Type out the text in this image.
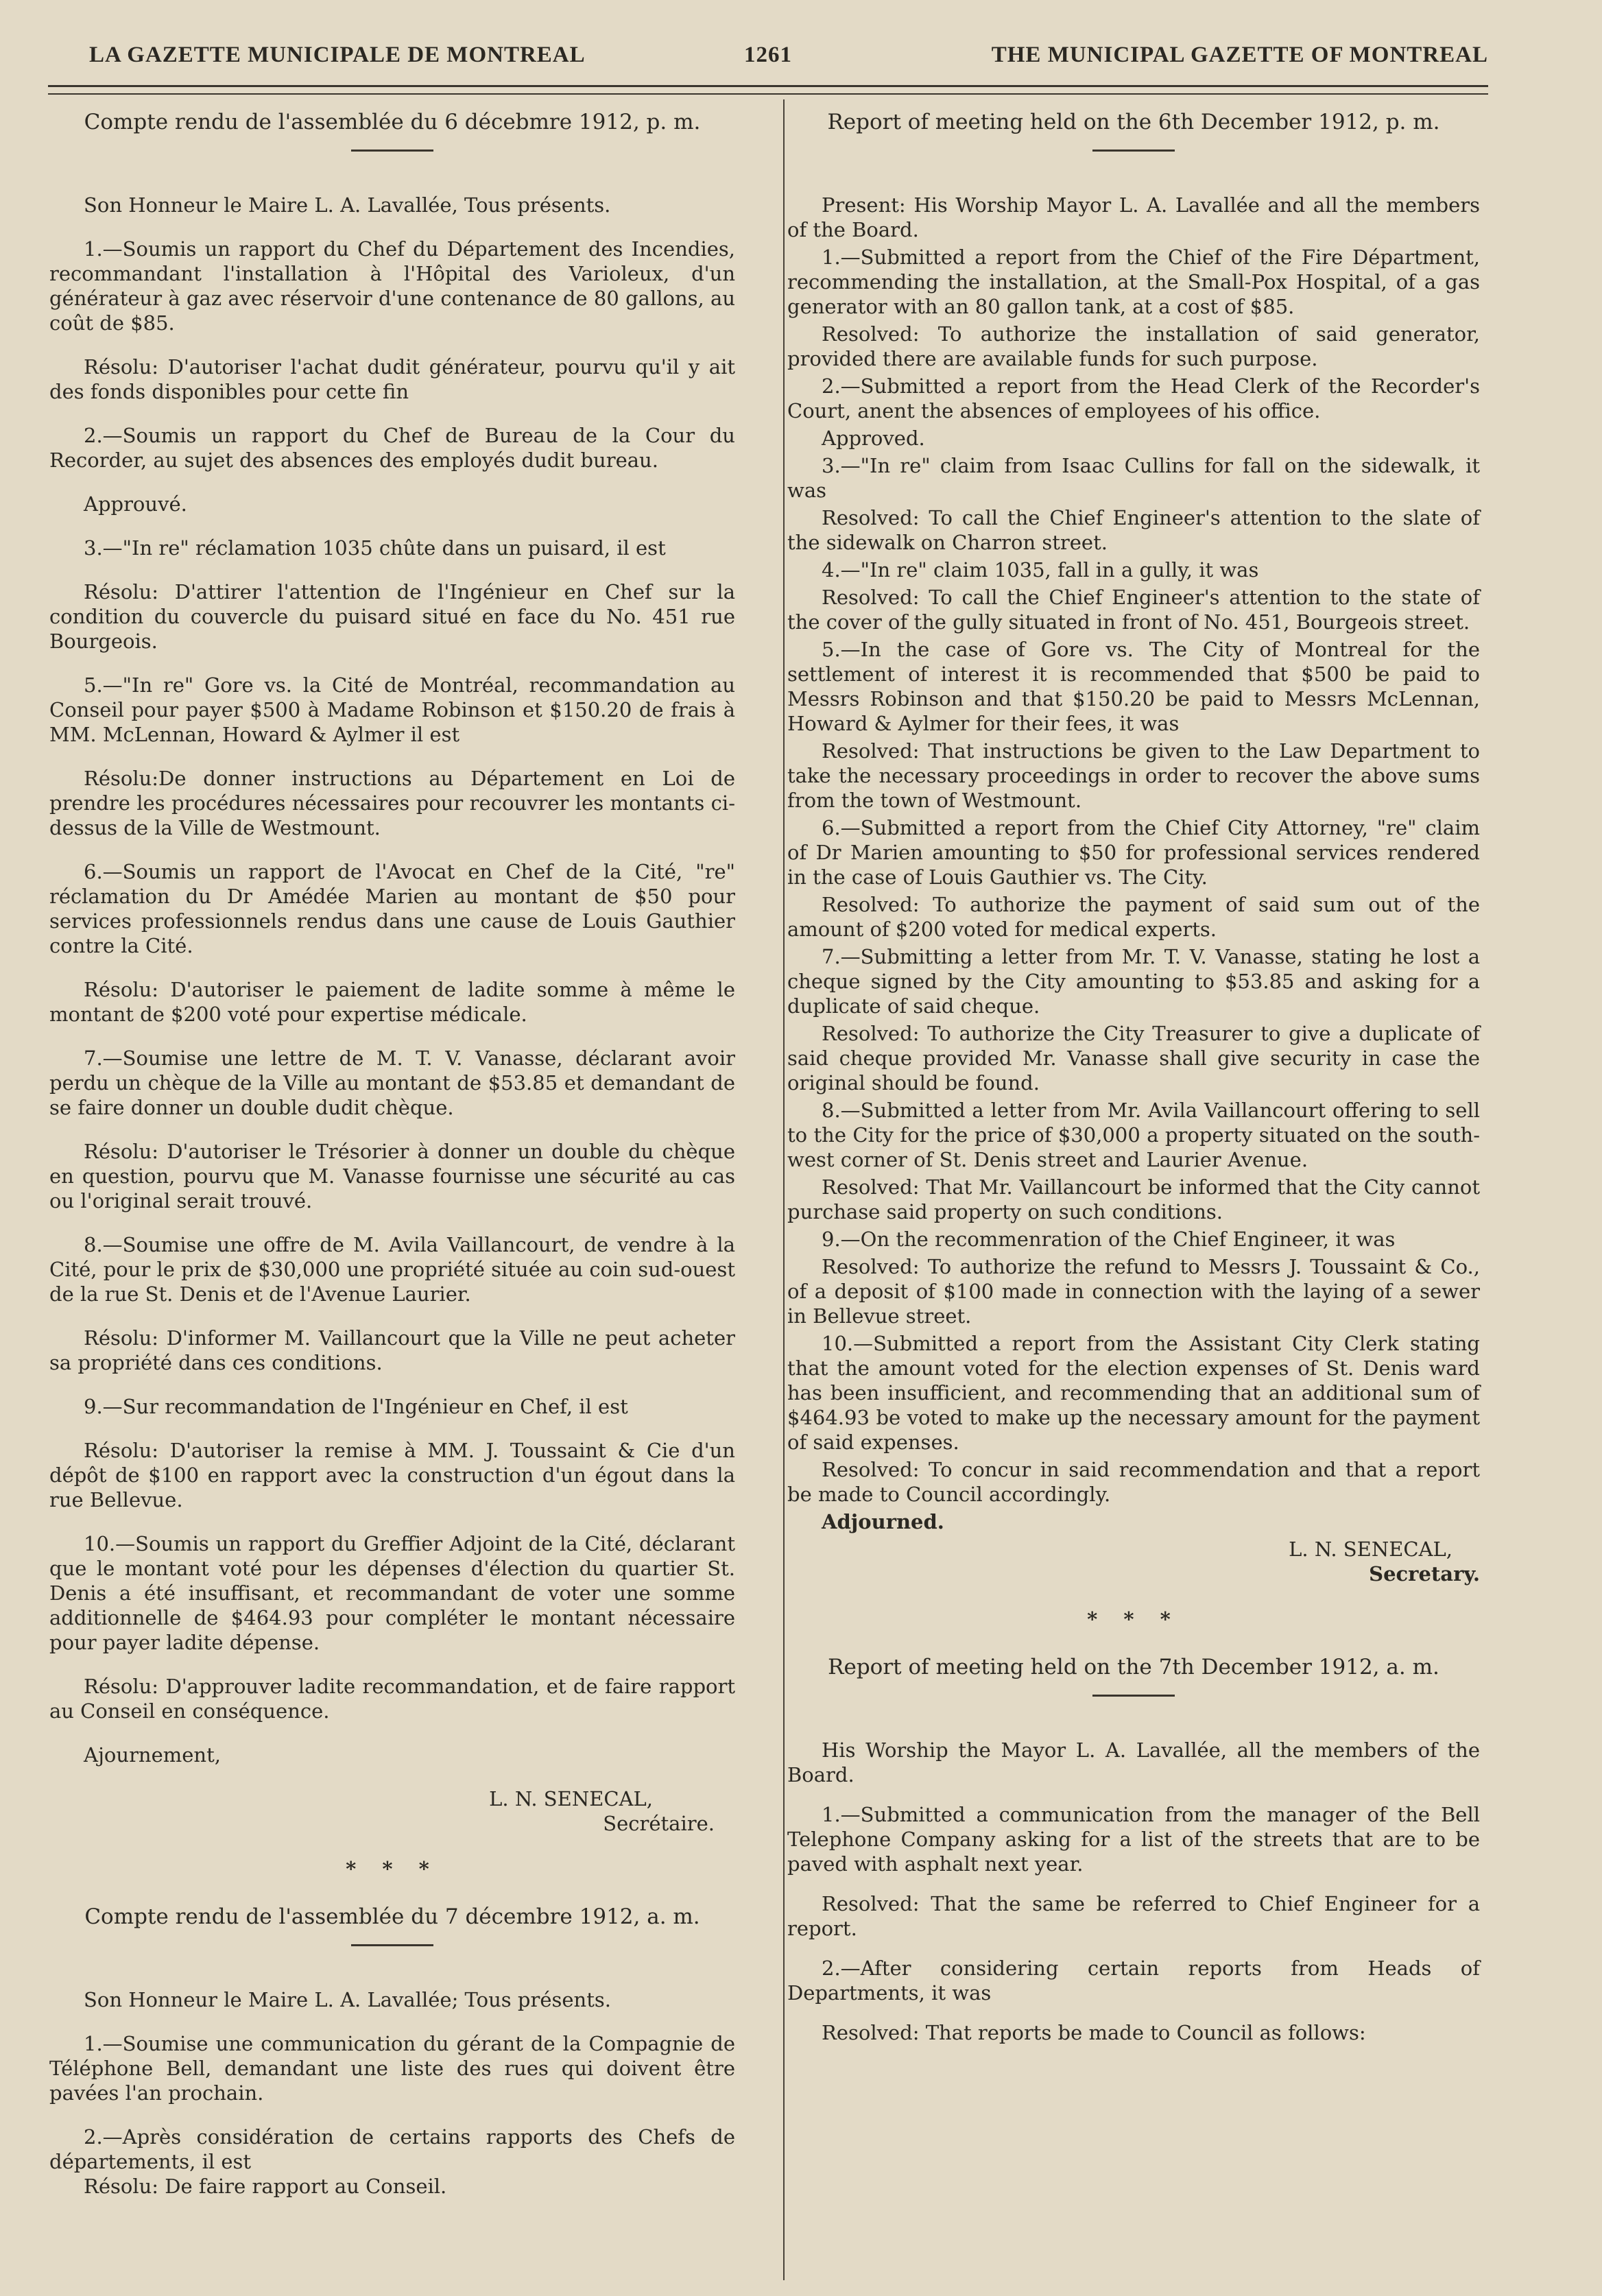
LA GAZETTE MUNICIPALE DE MONTREAL	1261	THE MUNICIPAL GAZETTE OF MONTREAL

Compte rendu de l'assemblée du 6 décebmre 1912, p. m.

Son Honneur le Maire L. A. Lavallée, Tous présents.

1.—Soumis un rapport du Chef du Département des Incendies, recommandant l'installation à l'Hôpital des Varioleux, d'un générateur à gaz avec réservoir d'une contenance de 80 gallons, au coût de $85.

Résolu: D'autoriser l'achat dudit générateur, pourvu qu'il y ait des fonds disponibles pour cette fin

2.—Soumis un rapport du Chef de Bureau de la Cour du Recorder, au sujet des absences des employés dudit bureau.

Approuvé.

3.—"In re" réclamation 1035 chûte dans un puisard, il est

Résolu: D'attirer l'attention de l'Ingénieur en Chef sur la condition du couvercle du puisard situé en face du No. 451 rue Bourgeois.

5.—"In re" Gore vs. la Cité de Montréal, recommandation au Conseil pour payer $500 à Madame Robinson et $150.20 de frais à MM. McLennan, Howard & Aylmer il est

Résolu:De donner instructions au Département en Loi de prendre les procédures nécessaires pour recouvrer les montants ci-dessus de la Ville de Westmount.

6.—Soumis un rapport de l'Avocat en Chef de la Cité, "re" réclamation du Dr Amédée Marien au montant de $50 pour services professionnels rendus dans une cause de Louis Gauthier contre la Cité.

Résolu: D'autoriser le paiement de ladite somme à même le montant de $200 voté pour expertise médicale.

7.—Soumise une lettre de M. T. V. Vanasse, déclarant avoir perdu un chèque de la Ville au montant de $53.85 et demandant de se faire donner un double dudit chèque.

Résolu: D'autoriser le Trésorier à donner un double du chèque en question, pourvu que M. Vanasse fournisse une sécurité au cas ou l'original serait trouvé.

8.—Soumise une offre de M. Avila Vaillancourt, de vendre à la Cité, pour le prix de $30,000 une propriété située au coin sud-ouest de la rue St. Denis et de l'Avenue Laurier.

Résolu: D'informer M. Vaillancourt que la Ville ne peut acheter sa propriété dans ces conditions.

9.—Sur recommandation de l'Ingénieur en Chef, il est

Résolu: D'autoriser la remise à MM. J. Toussaint & Cie d'un dépôt de $100 en rapport avec la construction d'un égout dans la rue Bellevue.

10.—Soumis un rapport du Greffier Adjoint de la Cité, déclarant que le montant voté pour les dépenses d'élection du quartier St. Denis a été insuffisant, et recommandant de voter une somme additionnelle de $464.93 pour compléter le montant nécessaire pour payer ladite dépense.

Résolu: D'approuver ladite recommandation, et de faire rapport au Conseil en conséquence.

Ajournement,

L. N. SENECAL,

Secrétaire.

* * *

Compte rendu de l'assemblée du 7 décembre 1912, a. m.

Son Honneur le Maire L. A. Lavallée; Tous présents.

1.—Soumise une communication du gérant de la Compagnie de Téléphone Bell, demandant une liste des rues qui doivent être pavées l'an prochain.

2.—Après considération de certains rapports des Chefs de départements, il est

Résolu: De faire rapport au Conseil.

Report of meeting held on the 6th December 1912, p. m.

Present: His Worship Mayor L. A. Lavallée and all the members of the Board.

1.—Submitted a report from the Chief of the Fire Départment, recommending the installation, at the Small-Pox Hospital, of a gas generator with an 80 gallon tank, at a cost of $85.

Resolved: To authorize the installation of said generator, provided there are available funds for such purpose.

2.—Submitted a report from the Head Clerk of the Recorder's Court, anent the absences of employees of his office.

Approved.

3.—"In re" claim from Isaac Cullins for fall on the sidewalk, it was

Resolved: To call the Chief Engineer's attention to the slate of the sidewalk on Charron street.

4.—"In re" claim 1035, fall in a gully, it was

Resolved: To call the Chief Engineer's attention to the state of the cover of the gully situated in front of No. 451, Bourgeois street.

5.—In the case of Gore vs. The City of Montreal for the settlement of interest it is recommended that $500 be paid to Messrs Robinson and that $150.20 be paid to Messrs McLennan, Howard & Aylmer for their fees, it was

Resolved: That instructions be given to the Law Department to take the necessary proceedings in order to recover the above sums from the town of Westmount.

6.—Submitted a report from the Chief City Attorney, "re" claim of Dr Marien amounting to $50 for professional services rendered in the case of Louis Gauthier vs. The City.

Resolved: To authorize the payment of said sum out of the amount of $200 voted for medical experts.

7.—Submitting a letter from Mr. T. V. Vanasse, stating he lost a cheque signed by the City amounting to $53.85 and asking for a duplicate of said cheque.

Resolved: To authorize the City Treasurer to give a duplicate of said cheque provided Mr. Vanasse shall give security in case the original should be found.

8.—Submitted a letter from Mr. Avila Vaillancourt offering to sell to the City for the price of $30,000 a property situated on the south-west corner of St. Denis street and Laurier Avenue.

Resolved: That Mr. Vaillancourt be informed that the City cannot purchase said property on such conditions.

9.—On the recommenration of the Chief Engineer, it was

Resolved: To authorize the refund to Messrs J. Toussaint & Co., of a deposit of $100 made in connection with the laying of a sewer in Bellevue street.

10.—Submitted a report from the Assistant City Clerk stating that the amount voted for the election expenses of St. Denis ward has been insufficient, and recommending that an additional sum of $464.93 be voted to make up the necessary amount for the payment of said expenses.

Resolved: To concur in said recommendation and that a report be made to Council accordingly.

Adjourned.

L. N. SENECAL,

Secretary.

* * *

Report of meeting held on the 7th December 1912, a. m.

His Worship the Mayor L. A. Lavallée, all the members of the Board.

1.—Submitted a communication from the manager of the Bell Telephone Company asking for a list of the streets that are to be paved with asphalt next year.

Resolved: That the same be referred to Chief Engineer for a report.

2.—After considering certain reports from Heads of Departments, it was

Resolved: That reports be made to Council as follows:
